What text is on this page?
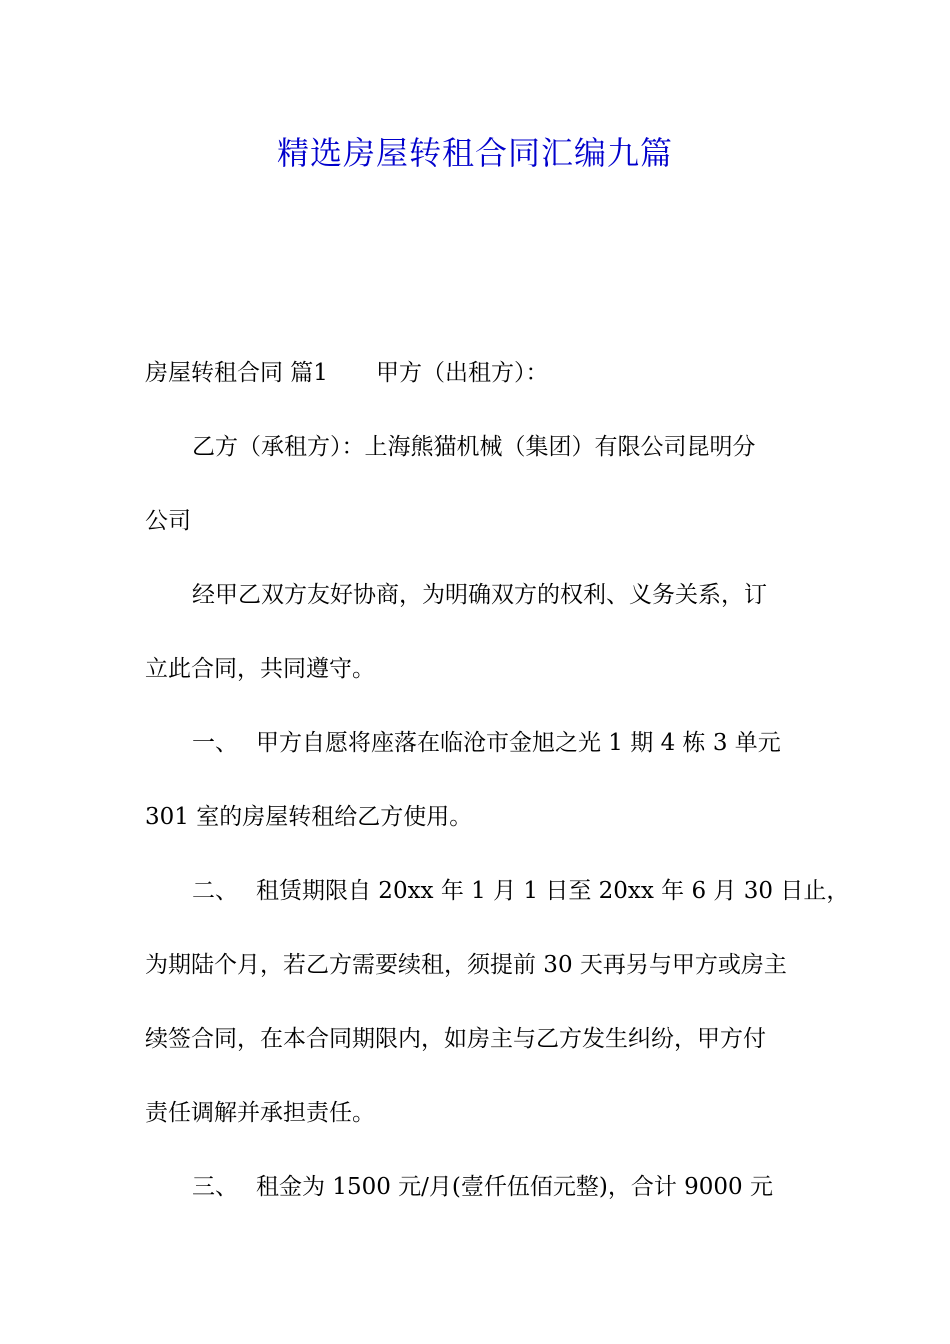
精选房屋转租合同汇编九篇
房屋转租合同 篇1 甲方（出租方）：
乙方（承租方）：上海熊猫机械（集团）有限公司昆明分
公司
经甲乙双方友好协商，为明确双方的权利、义务关系，订
立此合同，共同遵守。
一、 甲方自愿将座落在临沧市金旭之光 1 期 4 栋 3 单元
301 室的房屋转租给乙方使用。
二、 租赁期限自 20xx 年 1 月 1 日至 20xx 年 6 月 30 日止，
为期陆个月，若乙方需要续租，须提前 30 天再另与甲方或房主
续签合同，在本合同期限内，如房主与乙方发生纠纷，甲方付
责任调解并承担责任。
三、 租金为 1500 元/月(壹仟伍佰元整)，合计 9000 元
